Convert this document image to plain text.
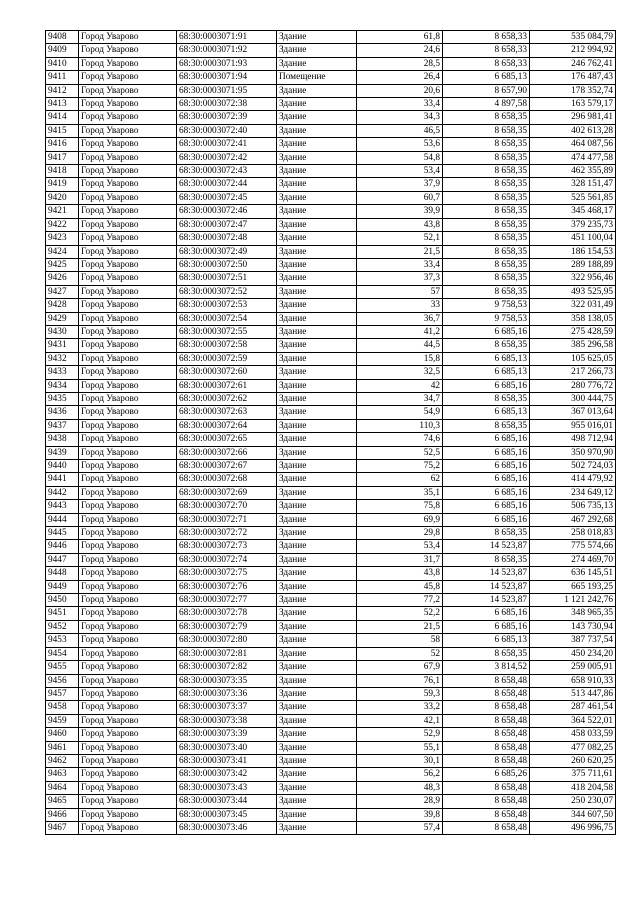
9408	Город Уварово	68:30:0003071:91	Здание	61,8	8 658,33	535 084,79
9409	Город Уварово	68:30:0003071:92	Здание	24,6	8 658,33	212 994,92
9410	Город Уварово	68:30:0003071:93	Здание	28,5	8 658,33	246 762,41
9411	Город Уварово	68:30:0003071:94	Помещение	26,4	6 685,13	176 487,43
9412	Город Уварово	68:30:0003071:95	Здание	20,6	8 657,90	178 352,74
9413	Город Уварово	68:30:0003072:38	Здание	33,4	4 897,58	163 579,17
9414	Город Уварово	68:30:0003072:39	Здание	34,3	8 658,35	296 981,41
9415	Город Уварово	68:30:0003072:40	Здание	46,5	8 658,35	402 613,28
9416	Город Уварово	68:30:0003072:41	Здание	53,6	8 658,35	464 087,56
9417	Город Уварово	68:30:0003072:42	Здание	54,8	8 658,35	474 477,58
9418	Город Уварово	68:30:0003072:43	Здание	53,4	8 658,35	462 355,89
9419	Город Уварово	68:30:0003072:44	Здание	37,9	8 658,35	328 151,47
9420	Город Уварово	68:30:0003072:45	Здание	60,7	8 658,35	525 561,85
9421	Город Уварово	68:30:0003072:46	Здание	39,9	8 658,35	345 468,17
9422	Город Уварово	68:30:0003072:47	Здание	43,8	8 658,35	379 235,73
9423	Город Уварово	68:30:0003072:48	Здание	52,1	8 658,35	451 100,04
9424	Город Уварово	68:30:0003072:49	Здание	21,5	8 658,35	186 154,53
9425	Город Уварово	68:30:0003072:50	Здание	33,4	8 658,35	289 188,89
9426	Город Уварово	68:30:0003072:51	Здание	37,3	8 658,35	322 956,46
9427	Город Уварово	68:30:0003072:52	Здание	57	8 658,35	493 525,95
9428	Город Уварово	68:30:0003072:53	Здание	33	9 758,53	322 031,49
9429	Город Уварово	68:30:0003072:54	Здание	36,7	9 758,53	358 138,05
9430	Город Уварово	68:30:0003072:55	Здание	41,2	6 685,16	275 428,59
9431	Город Уварово	68:30:0003072:58	Здание	44,5	8 658,35	385 296,58
9432	Город Уварово	68:30:0003072:59	Здание	15,8	6 685,13	105 625,05
9433	Город Уварово	68:30:0003072:60	Здание	32,5	6 685,13	217 266,73
9434	Город Уварово	68:30:0003072:61	Здание	42	6 685,16	280 776,72
9435	Город Уварово	68:30:0003072:62	Здание	34,7	8 658,35	300 444,75
9436	Город Уварово	68:30:0003072:63	Здание	54,9	6 685,13	367 013,64
9437	Город Уварово	68:30:0003072:64	Здание	110,3	8 658,35	955 016,01
9438	Город Уварово	68:30:0003072:65	Здание	74,6	6 685,16	498 712,94
9439	Город Уварово	68:30:0003072:66	Здание	52,5	6 685,16	350 970,90
9440	Город Уварово	68:30:0003072:67	Здание	75,2	6 685,16	502 724,03
9441	Город Уварово	68:30:0003072:68	Здание	62	6 685,16	414 479,92
9442	Город Уварово	68:30:0003072:69	Здание	35,1	6 685,16	234 649,12
9443	Город Уварово	68:30:0003072:70	Здание	75,8	6 685,16	506 735,13
9444	Город Уварово	68:30:0003072:71	Здание	69,9	6 685,16	467 292,68
9445	Город Уварово	68:30:0003072:72	Здание	29,8	8 658,35	258 018,83
9446	Город Уварово	68:30:0003072:73	Здание	53,4	14 523,87	775 574,66
9447	Город Уварово	68:30:0003072:74	Здание	31,7	8 658,35	274 469,70
9448	Город Уварово	68:30:0003072:75	Здание	43,8	14 523,87	636 145,51
9449	Город Уварово	68:30:0003072:76	Здание	45,8	14 523,87	665 193,25
9450	Город Уварово	68:30:0003072:77	Здание	77,2	14 523,87	1 121 242,76
9451	Город Уварово	68:30:0003072:78	Здание	52,2	6 685,16	348 965,35
9452	Город Уварово	68:30:0003072:79	Здание	21,5	6 685,16	143 730,94
9453	Город Уварово	68:30:0003072:80	Здание	58	6 685,13	387 737,54
9454	Город Уварово	68:30:0003072:81	Здание	52	8 658,35	450 234,20
9455	Город Уварово	68:30:0003072:82	Здание	67,9	3 814,52	259 005,91
9456	Город Уварово	68:30:0003073:35	Здание	76,1	8 658,48	658 910,33
9457	Город Уварово	68:30:0003073:36	Здание	59,3	8 658,48	513 447,86
9458	Город Уварово	68:30:0003073:37	Здание	33,2	8 658,48	287 461,54
9459	Город Уварово	68:30:0003073:38	Здание	42,1	8 658,48	364 522,01
9460	Город Уварово	68:30:0003073:39	Здание	52,9	8 658,48	458 033,59
9461	Город Уварово	68:30:0003073:40	Здание	55,1	8 658,48	477 082,25
9462	Город Уварово	68:30:0003073:41	Здание	30,1	8 658,48	260 620,25
9463	Город Уварово	68:30:0003073:42	Здание	56,2	6 685,26	375 711,61
9464	Город Уварово	68:30:0003073:43	Здание	48,3	8 658,48	418 204,58
9465	Город Уварово	68:30:0003073:44	Здание	28,9	8 658,48	250 230,07
9466	Город Уварово	68:30:0003073:45	Здание	39,8	8 658,48	344 607,50
9467	Город Уварово	68:30:0003073:46	Здание	57,4	8 658,48	496 996,75
